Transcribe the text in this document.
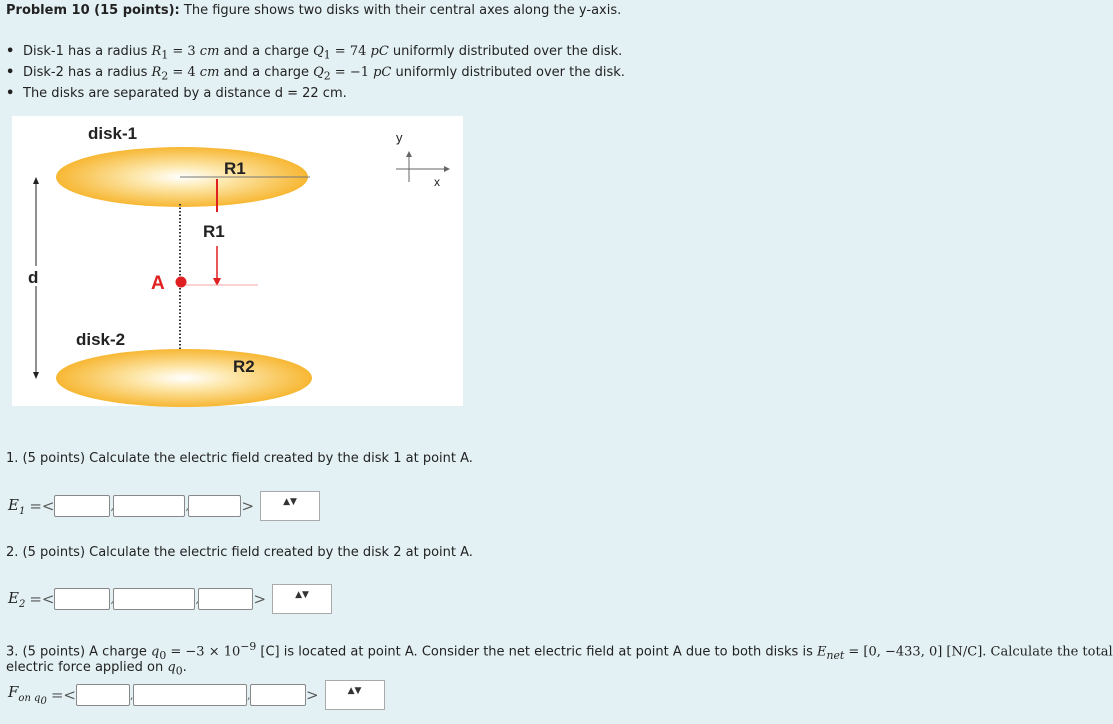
Problem 10 (15 points): The figure shows two disks with their central axes along the y-axis.
• Disk-1 has a radius $R_1 = 3$ cm and a charge $Q_1 = 74$ pC uniformly distributed over the disk.
• Disk-2 has a radius $R_2 = 4$ cm and a charge $Q_2 = -1$ pC uniformly distributed over the disk.
• The disks are separated by a distance d = 22 cm.
disk-1
R1
R1
A
d
disk-2
R2
y
x
1. (5 points) Calculate the electric field created by the disk 1 at point A.
$E_1$ =<	,	,	>	▲▼
2. (5 points) Calculate the electric field created by the disk 2 at point A.
$E_2$ =<	,	,	>	▲▼
3. (5 points) A charge $q_0 = -3 \times 10^{-9}$ [C] is located at point A. Consider the net electric field at point A due to both disks is $E_{net} = [0$, −433, 0] [N/C]. Calculate the total
electric force applied on $q_0$.
$F_{on q_0}$ =<	,	,	>	▲▼
